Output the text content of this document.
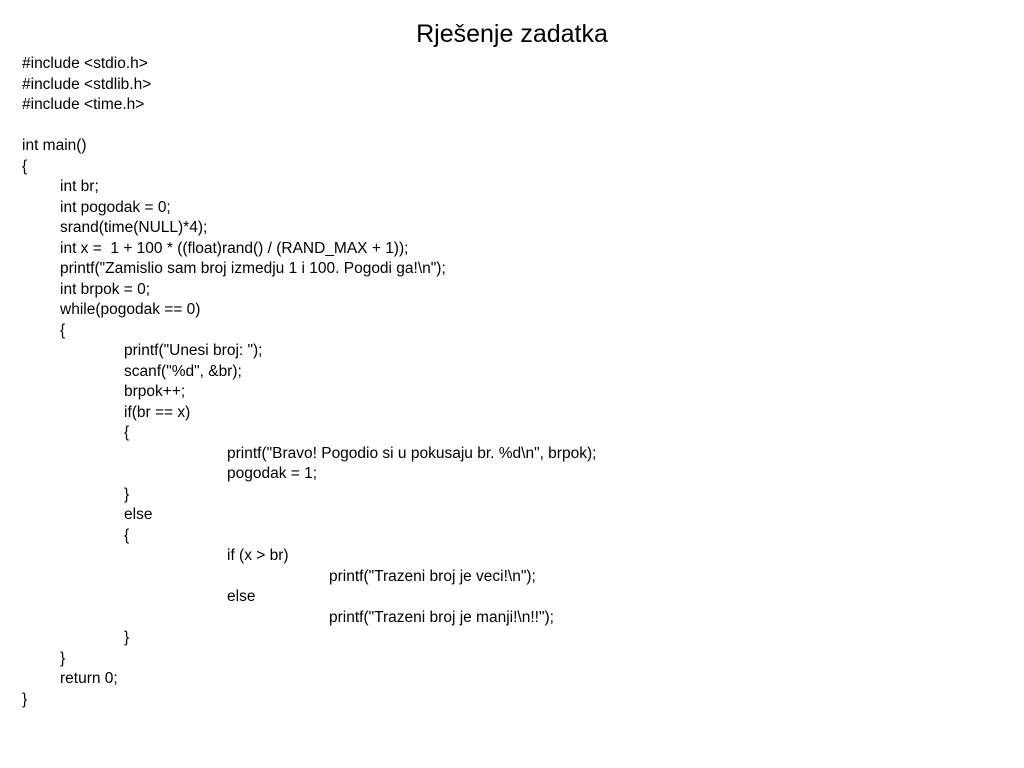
Rješenje zadatka
#include <stdio.h>
#include <stdlib.h>
#include <time.h>
int main()
{
int br;
int pogodak = 0;
srand(time(NULL)*4);
int x =  1 + 100 * ((float)rand() / (RAND_MAX + 1));
printf("Zamislio sam broj izmedju 1 i 100. Pogodi ga!\n");
int brpok = 0;
while(pogodak == 0)
{
printf("Unesi broj: ");
scanf("%d", &br);
brpok++;
if(br == x)
{
printf("Bravo! Pogodio si u pokusaju br. %d\n", brpok);
pogodak = 1;
}
else
{
if (x > br)
printf("Trazeni broj je veci!\n");
else
printf("Trazeni broj je manji!\n!!");
}
}
return 0;
}
